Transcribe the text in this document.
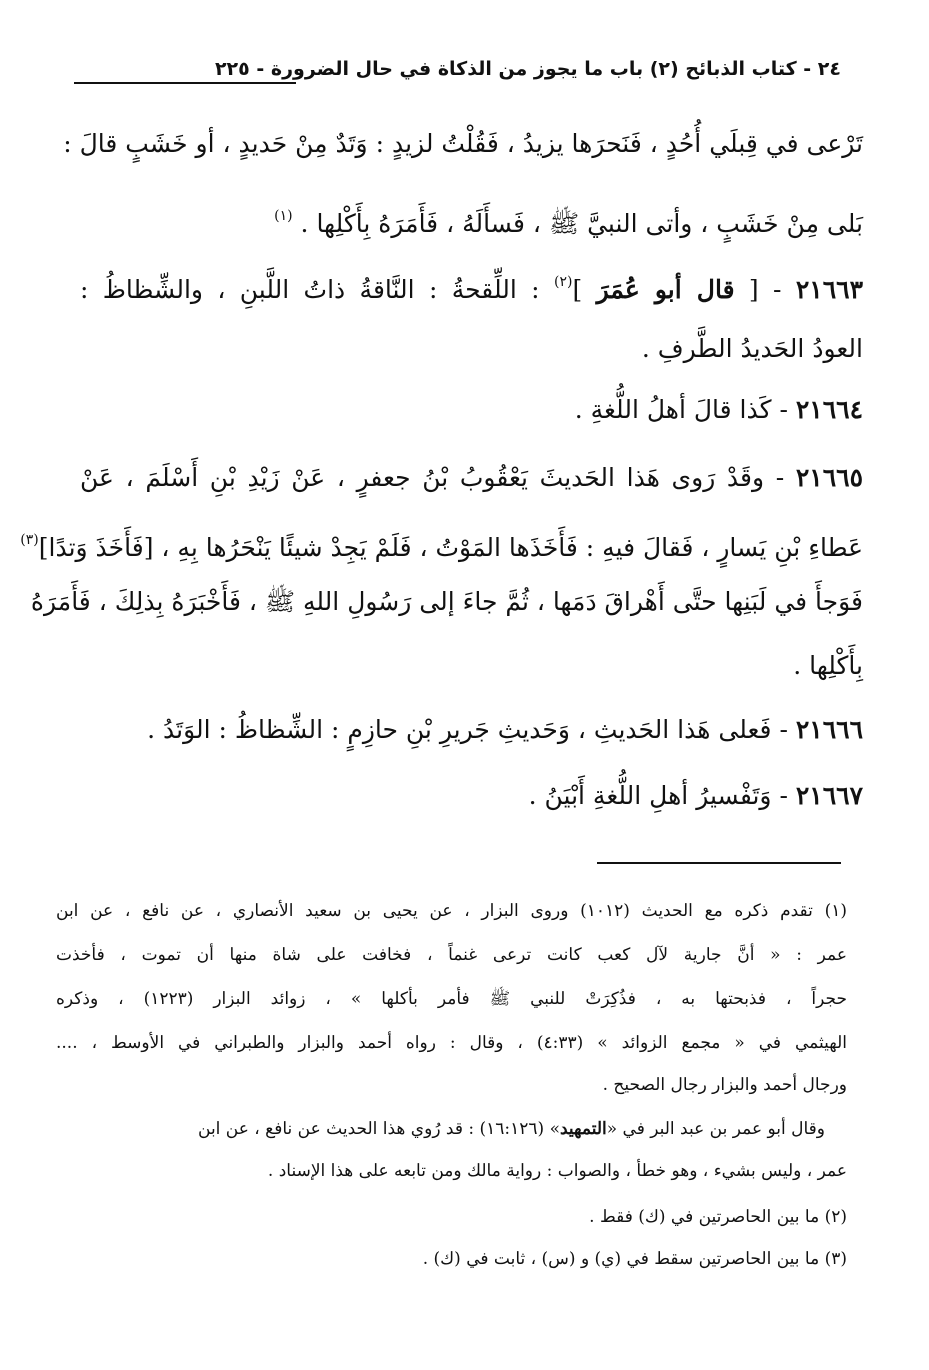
٢٤ - كتاب الذبائح (٢) باب ما يجوز من الذكاة في حال الضرورة - ٢٢٥
تَرْعى في قِبلَي أُحُدٍ ، فَنَحرَها يزيدُ ، فَقُلْتُ لزيدٍ : وَتَدٌ مِنْ حَديدٍ ، أو خَشَبٍ قالَ :
بَلى مِنْ خَشَبٍ ، وأتى النبيَّ ﷺ ، فَسأَلَهُ ، فَأَمَرَهُ بِأَكْلِها . $^{(١)}$
٢١٦٦٣ - [ قال أبو عُمَرَ ]$^{(٢)}$ : اللِّقحةُ : النَّاقةُ ذاتُ اللَّبنِ ، والشِّظاظُ :
العودُ الحَديدُ الطَّرفِ .
٢١٦٦٤ - كَذا قالَ أهلُ اللُّغةِ .
٢١٦٦٥ - وقَدْ رَوى هَذا الحَديثَ يَعْقُوبُ بْنُ جعفرٍ ، عَنْ زَيْدِ بْنِ أَسْلَمَ ، عَنْ
عَطاءِ بْنِ يَسارٍ ، فَقالَ فيهِ : فَأَخَذَها المَوْتُ ، فَلَمْ يَجِدْ شيئًا يَنْحَرُها بِهِ ، [فَأَخَذَ وَتدًا]$^{(٣)}$
فَوَجأَ في لَبَنِها حتَّى أَهْراقَ دَمَها ، ثُمَّ جاءَ إلى رَسُولِ اللهِ ﷺ ، فَأَخْبَرَهُ بِذلِكَ ، فَأَمَرَهُ
بِأَكْلِها .
٢١٦٦٦ - فَعلى هَذا الحَديثِ ، وَحَديثِ جَريرِ بْنِ حازِمٍ : الشِّظاظُ : الوَتَدُ .
٢١٦٦٧ - وَتَفْسيرُ أهلِ اللُّغةِ أَبْيَنُ .
(١) تقدم ذكره مع الحديث (١٠١٢) وروى البزار ، عن يحيى بن سعيد الأنصاري ، عن نافع ، عن ابن
عمر : « أنَّ جارية لآل كعب كانت ترعى غنماً ، فخافت على شاة منها أن تموت ، فأخذت
حجراً ، فذبحتها به ، فذُكِرَتْ للنبي ﷺ فأمر بأكلها » ، زوائد البزار (١٢٢٣) ، وذكره
الهيثمي في « مجمع الزوائد » (٤:٣٣) ، وقال : رواه أحمد والبزار والطبراني في الأوسط ، ....
ورجال أحمد والبزار رجال الصحيح .
وقال أبو عمر بن عبد البر في «التمهيد» (١٦:١٢٦) : قد رُوي هذا الحديث عن نافع ، عن ابن
عمر ، وليس بشيء ، وهو خطأ ، والصواب : رواية مالك ومن تابعه على هذا الإسناد .
(٢) ما بين الحاصرتين في (ك) فقط .
(٣) ما بين الحاصرتين سقط في (ي) و (س) ، ثابت في (ك) .
